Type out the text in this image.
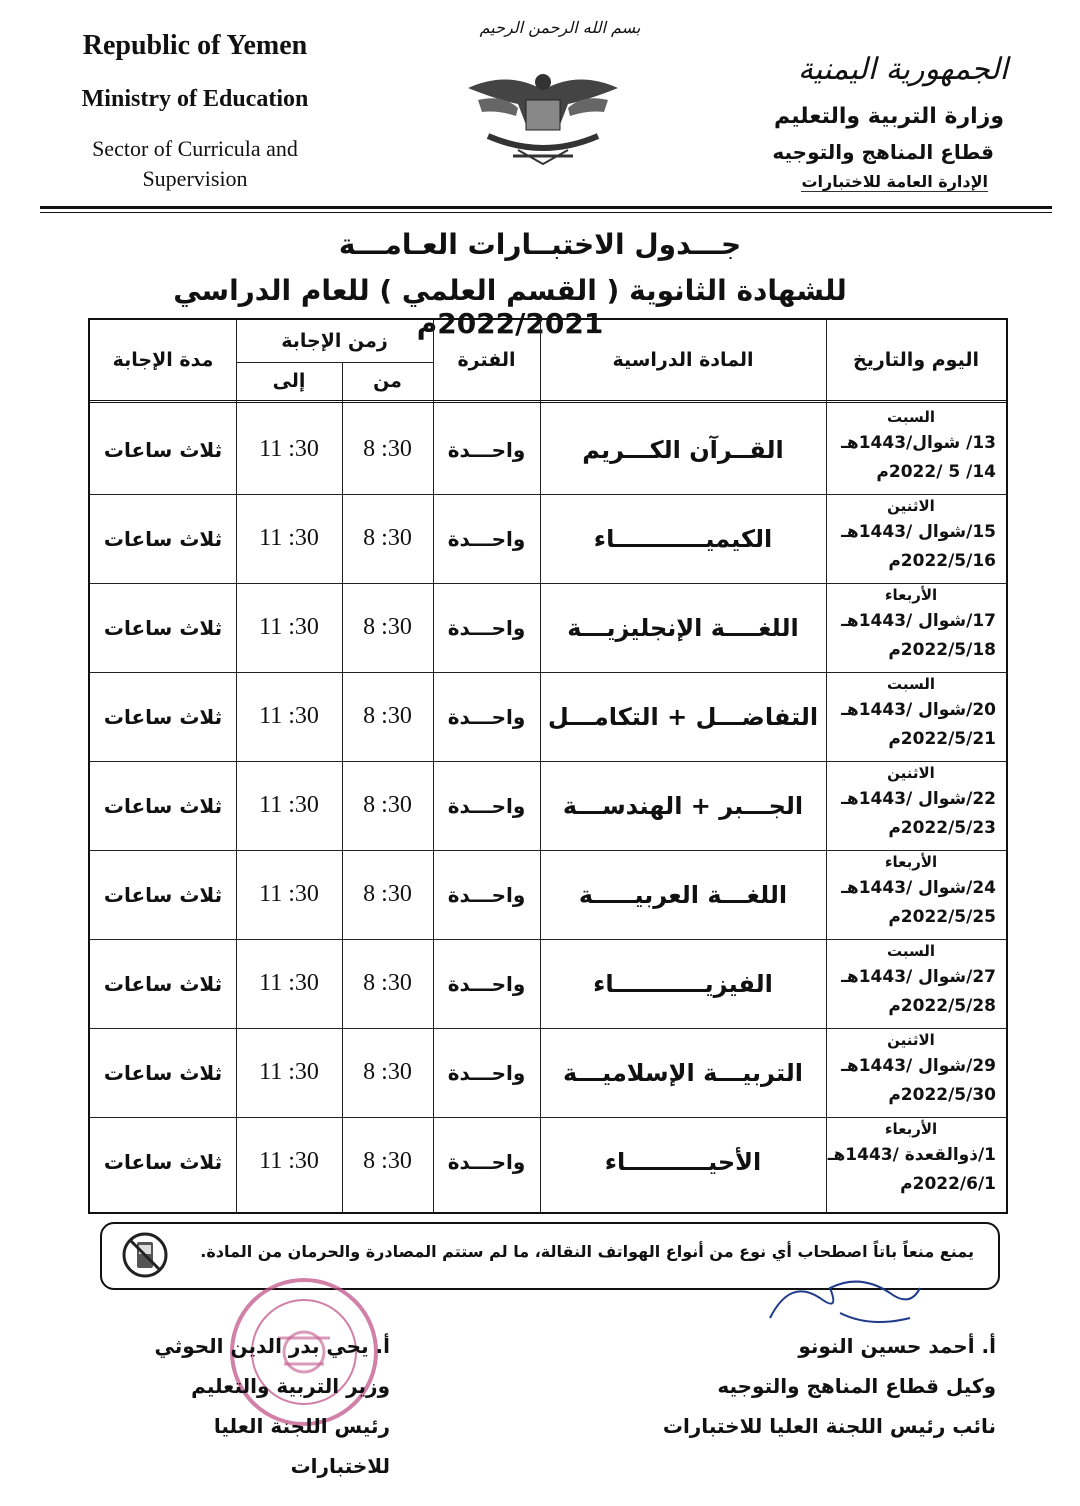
Republic of Yemen
Ministry of Education
Sector of Curricula and
Supervision
بسم الله الرحمن الرحيم
الجمهورية اليمنية
وزارة التربية والتعليم
قطاع المناهج والتوجيه
الإدارة العامة للاختبارات
جـــدول الاختبــارات العـامـــة
للشهادة الثانوية ( القسم العلمي ) للعام الدراسي 2022/2021م
اليوم والتاريخ
المادة الدراسية
الفترة
زمن الإجابة
من
إلى
مدة الإجابة
السبت
13/ شوال/1443هـ
14/ 5 /2022م
القــرآن الكـــريم
واحـــدة
8 :30
11 :30
ثلاث ساعات
الاثنين
15/شوال /1443هـ
2022/5/16م
الكيميـــــــــــاء
واحـــدة
8 :30
11 :30
ثلاث ساعات
الأربعاء
17/شوال /1443هـ
2022/5/18م
اللغــــة الإنجليزيـــة
واحـــدة
8 :30
11 :30
ثلاث ساعات
السبت
20/شوال /1443هـ
2022/5/21م
التفاضـــل + التكامـــل
واحـــدة
8 :30
11 :30
ثلاث ساعات
الاثنين
22/شوال /1443هـ
2022/5/23م
الجـــبر + الهندســـة
واحـــدة
8 :30
11 :30
ثلاث ساعات
الأربعاء
24/شوال /1443هـ
2022/5/25م
اللغـــة العربيـــــة
واحـــدة
8 :30
11 :30
ثلاث ساعات
السبت
27/شوال /1443هـ
2022/5/28م
الفيزيـــــــــــاء
واحـــدة
8 :30
11 :30
ثلاث ساعات
الاثنين
29/شوال /1443هـ
2022/5/30م
التربيـــة الإسلاميـــة
واحـــدة
8 :30
11 :30
ثلاث ساعات
الأربعاء
1/ذوالقعدة /1443هـ
2022/6/1م
الأحيــــــــــاء
واحـــدة
8 :30
11 :30
ثلاث ساعات
يمنع منعاً باتاً اصطحاب أي نوع من أنواع الهواتف النقالة، ما لم ستتم المصادرة والحرمان من المادة.
أ. يحي بدر الدين الحوثي
وزير التربية والتعليم
رئيس اللجنة العليا للاختبارات
أ. أحمد حسين النونو
وكيل قطاع المناهج والتوجيه
نائب رئيس اللجنة العليا للاختبارات
